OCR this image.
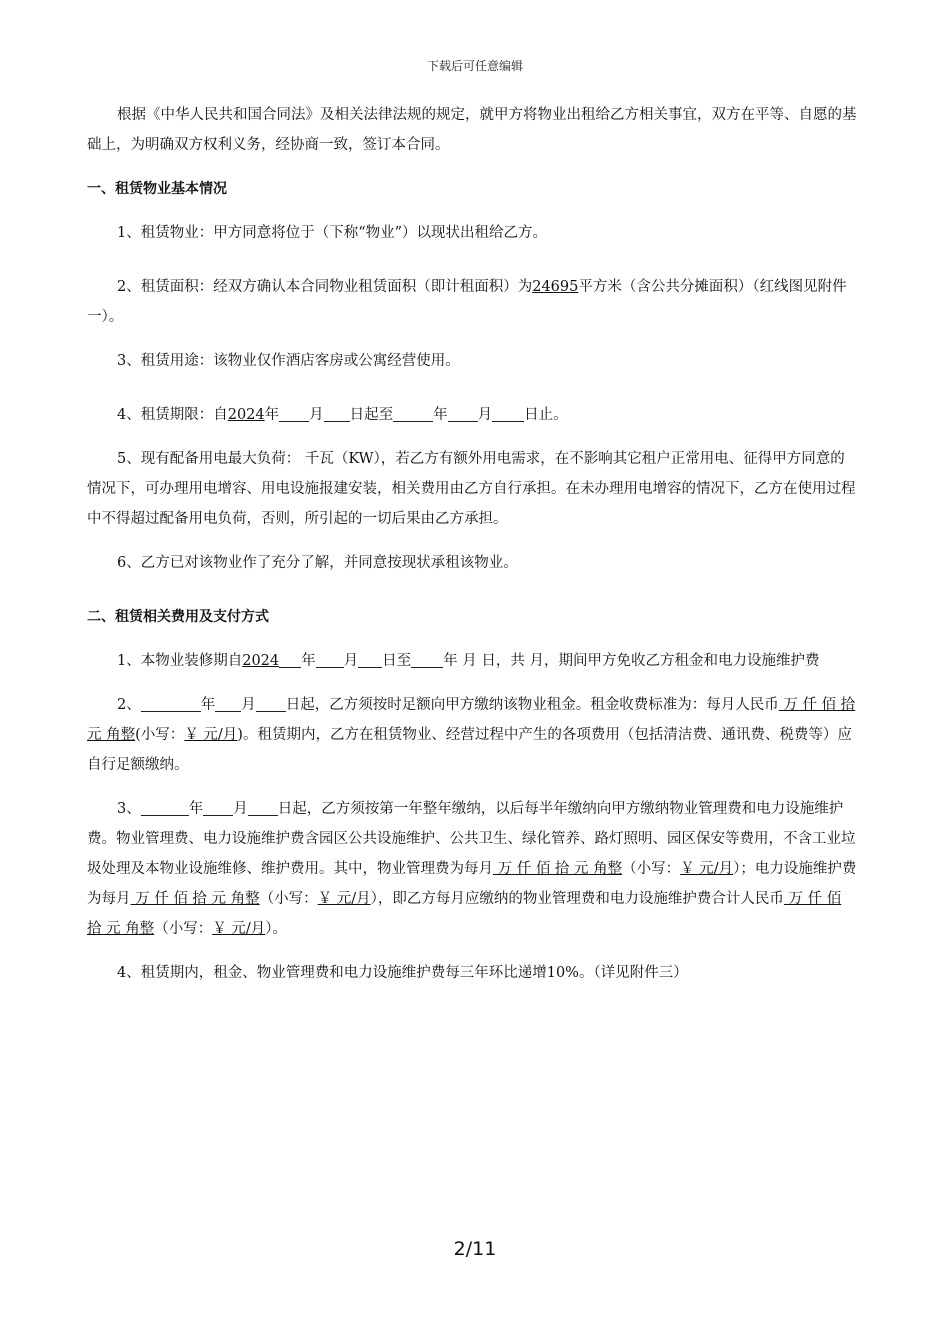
下载后可任意编辑

根据《中华人民共和国合同法》及相关法律法规的规定，就甲方将物业出租给乙方相关事宜，双方在平等、自愿的基础上，为明确双方权利义务，经协商一致，签订本合同。

一、租赁物业基本情况

1、租赁物业：甲方同意将位于（下称“物业”）以现状出租给乙方。

2、租赁面积：经双方确认本合同物业租赁面积（即计租面积）为24695平方米（含公共分摊面积）（红线图见附件一）。

3、租赁用途：该物业仅作酒店客房或公寓经营使用。

4、租赁期限：自2024年 月 日起至	年 月 日止。

5、现有配备用电最大负荷： 千瓦（KW），若乙方有额外用电需求，在不影响其它租户正常用电、征得甲方同意的情况下，可办理用电增容、用电设施报建安装，相关费用由乙方自行承担。在未办理用电增容的情况下，乙方在使用过程中不得超过配备用电负荷，否则，所引起的一切后果由乙方承担。

6、乙方已对该物业作了充分了解，并同意按现状承租该物业。

二、租赁相关费用及支付方式

1、本物业装修期自2024 年 月 日至 年 月 日，共 月，期间甲方免收乙方租金和电力设施维护费

2、	年 月 日起，乙方须按时足额向甲方缴纳该物业租金。租金收费标准为：每月人民币 万 仟 佰 拾 元 角整(小写：￥ 元/月)。租赁期内，乙方在租赁物业、经营过程中产生的各项费用（包括清洁费、通讯费、税费等）应自行足额缴纳。

3、	年 月 日起，乙方须按第一年整年缴纳，以后每半年缴纳向甲方缴纳物业管理费和电力设施维护费。物业管理费、电力设施维护费含园区公共设施维护、公共卫生、绿化管养、路灯照明、园区保安等费用，不含工业垃圾处理及本物业设施维修、维护费用。其中，物业管理费为每月 万 仟 佰 拾 元 角整（小写：￥ 元/月）；电力设施维护费为每月 万 仟 佰 拾 元 角整（小写：￥ 元/月），即乙方每月应缴纳的物业管理费和电力设施维护费合计人民币 万 仟 佰 拾 元 角整（小写：￥ 元/月）。

4、租赁期内，租金、物业管理费和电力设施维护费每三年环比递增10%。（详见附件三）

2/11
